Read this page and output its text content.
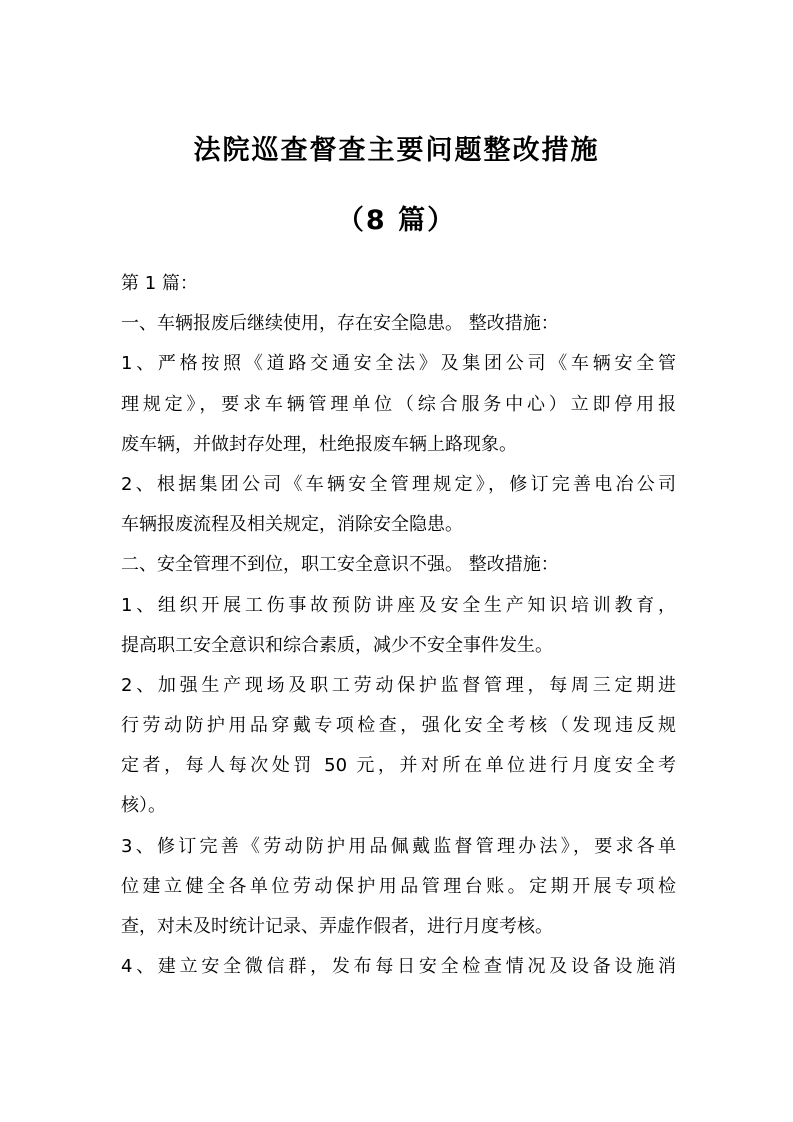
法院巡查督查主要问题整改措施
（8 篇）
第 1 篇：
一、车辆报废后继续使用，存在安全隐患。 整改措施：
1、严格按照《道路交通安全法》及集团公司《车辆安全管
理规定》，要求车辆管理单位（综合服务中心）立即停用报
废车辆，并做封存处理，杜绝报废车辆上路现象。
2、根据集团公司《车辆安全管理规定》，修订完善电冶公司
车辆报废流程及相关规定，消除安全隐患。
二、安全管理不到位，职工安全意识不强。 整改措施：
1、组织开展工伤事故预防讲座及安全生产知识培训教育，
提高职工安全意识和综合素质，减少不安全事件发生。
2、加强生产现场及职工劳动保护监督管理，每周三定期进
行劳动防护用品穿戴专项检查，强化安全考核（发现违反规
定者，每人每次处罚 50 元，并对所在单位进行月度安全考
核）。
3、修订完善《劳动防护用品佩戴监督管理办法》，要求各单
位建立健全各单位劳动保护用品管理台账。定期开展专项检
查，对未及时统计记录、弄虚作假者，进行月度考核。
4、建立安全微信群，发布每日安全检查情况及设备设施消
